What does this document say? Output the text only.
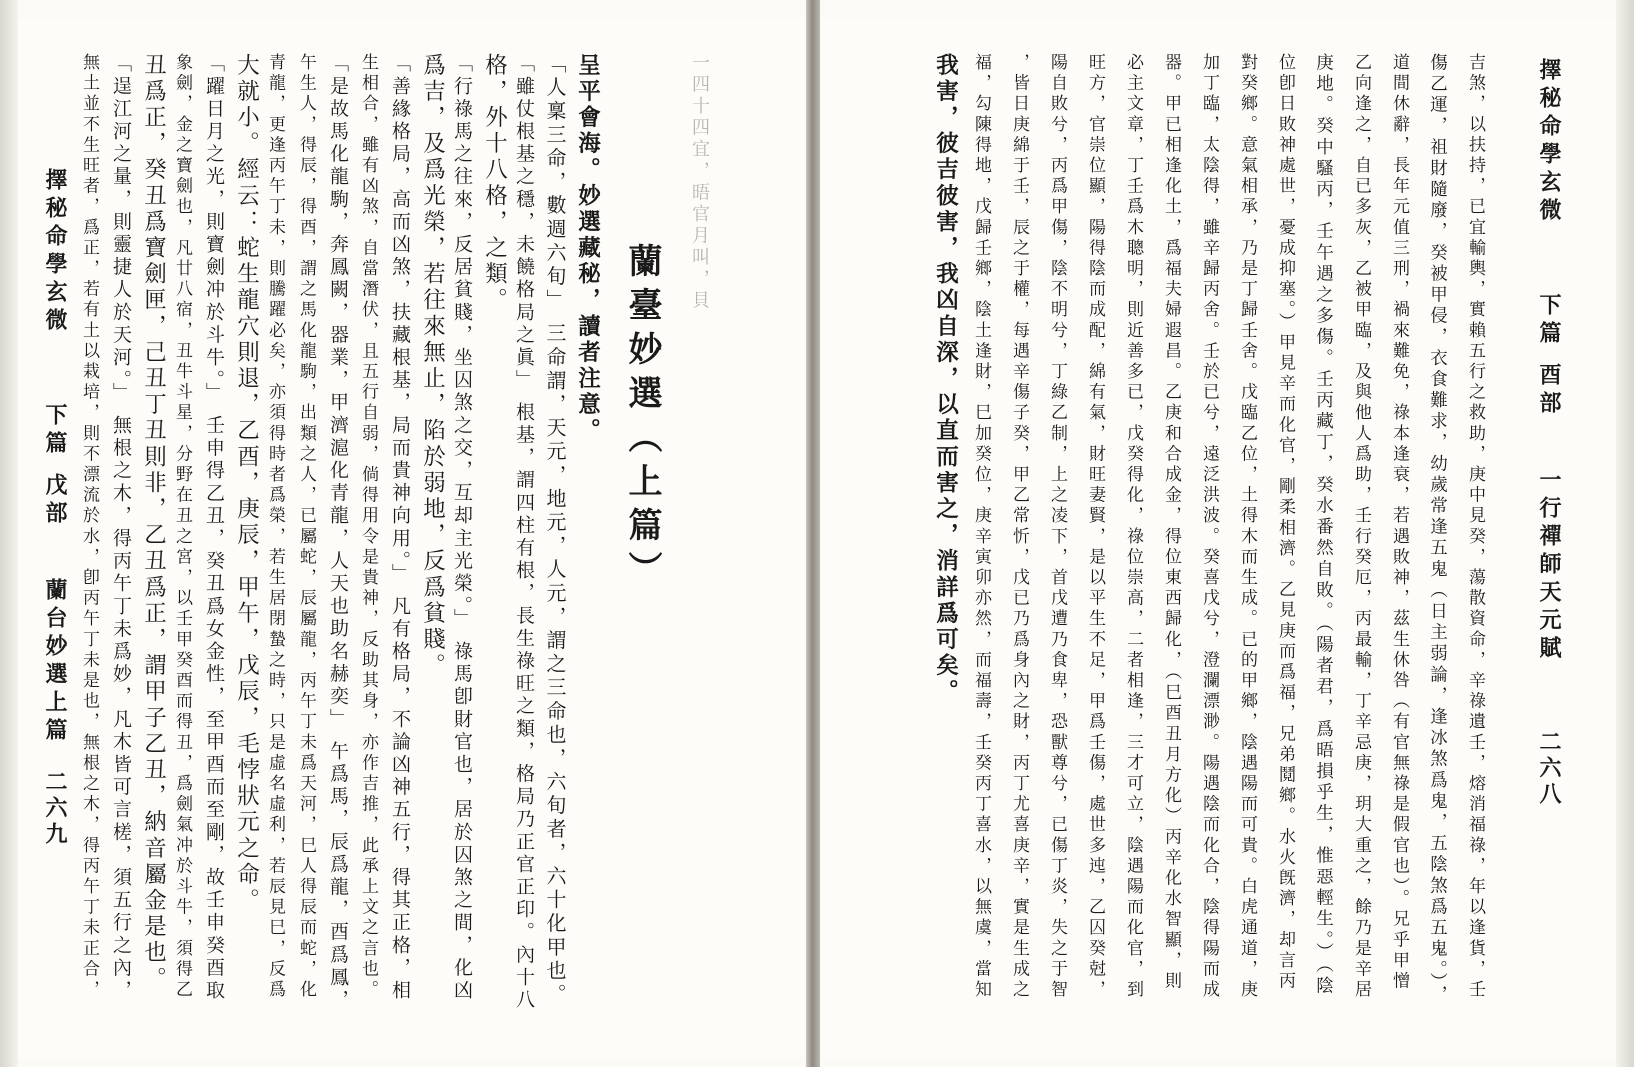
擇秘命學玄微  下篇 戊部  蘭台妙選上篇
二六九 無土並不生旺者，爲正，若有土以栽培，則不漂流於水，卽丙午丁未是也，無根之木，得丙午丁未正合， 「逞江河之量，則靈捷人於天河。」 無根之木，得丙午丁未爲妙，凡木皆可言槎，須五行之內， 丑爲正，癸丑爲寶劍匣，己丑丁丑則非，乙丑爲正，謂甲子乙丑，納音屬金是也。 象劍，金之寶劍也，凡廿八宿，丑牛斗星，分野在丑之宮，以壬甲癸酉而得丑，爲劍氣冲於斗牛，須得乙 「躍日月之光，則寶劍冲於斗牛。」 壬申得乙丑，癸丑爲女金性，至甲酉而至剛，故壬申癸酉取 大就小。經云：蛇生龍穴則退，乙酉，庚辰，甲午，戊辰，毛悖狀元之命。 青龍，更逢丙午丁未，則騰躍必矣，亦須得時者爲榮，若生居閉蟄之時，只是虛名虛利，若辰見巳，反爲 午生人，得辰，得酉，謂之馬化龍駒，出類之人，已屬蛇，辰屬龍，丙午丁未爲天河，巳人得辰而蛇，化 「是故馬化龍駒，奔鳳闕，器業，甲濟滬化青龍，人天也助名赫奕」 午爲馬，辰爲龍，酉爲鳳， 生相合，雖有凶煞，自當潛伏，且五行自弱，倘得用令是貴神，反助其身，亦作吉推，此承上文之言也。 「善緣格局，高而凶煞，扶藏根基，局而貴神向用。」 凡有格局，不論凶神五行，得其正格，相 爲吉，及爲光榮，若往來無止，陷於弱地，反爲貧賤。 「行祿馬之往來，反居貧賤，坐囚煞之交，互却主光榮。」 祿馬卽財官也，居於囚煞之間，化凶 格，外十八格，之類。 「雖仗根基之穩，未饒格局之眞」 根基，謂四柱有根，長生祿旺之類，格局乃正官正印。內十八 「人稟三命，數週六旬」 三命謂，天元，地元，人元，謂之三命也，六旬者，六十化甲也。 呈平會海。妙選藏秘，讀者注意。 蘭臺妙選（上篇）
一四十四宜，晤官月叫，貝	我害，彼吉彼害，我凶自深，以直而害之，消詳爲可矣。 福，勾陳得地，戊歸壬鄉，陰土逢財，巳加癸位，庚辛寅卯亦然，而福壽，壬癸丙丁喜水，以無虞，當知 ，皆日庚綿于壬，辰之于權，每遇辛傷子癸，甲乙常忻，戊已乃爲身內之財，丙丁尤喜庚辛，實是生成之 陽自敗兮，丙爲甲傷，陰不明兮，丁綠乙制，上之凌下，首戊遭乃食卑，恐獸尊兮，已傷丁炎，失之于智 旺方，官崇位顯，陽得陰而成配，綿有氣，財旺妻賢，是以平生不足，甲爲壬傷，處世多迍，乙囚癸尅， 必主文章，丁壬爲木聰明，則近善多已，戊癸得化，祿位崇高，二者相逢，三才可立，陰遇陽而化官，到 器。甲已相逢化土，爲福夫婦遐昌。乙庚和合成金，得位東西歸化，（巳酉丑月方化）丙辛化水智顯，則 加丁臨，太陰得，雖辛歸丙舍。壬於已兮，遠泛洪波。癸喜戊兮，澄瀾漂渺。陽遇陰而化合，陰得陽而成 對癸鄉。意氣相承，乃是丁歸壬舍。戊臨乙位，土得木而生成。已的甲鄉，陰遇陽而可貴。白虎通道，庚 位卽日敗神處世，憂成抑塞。）甲見辛而化官，剛柔相濟。乙見庚而爲福，兄弟鬩鄉。水火旣濟，却言丙 庚地。癸中騷丙，壬午遇之多傷。壬丙藏丁，癸水番然自敗。（陽者君，爲晤損乎生，惟惡輕生。）（陰 乙向逢之，自已多灰，乙被甲臨，及與他人爲助，壬行癸厄，丙最輸，丁辛忌庚，玥大重之，餘乃是辛居 道間休辭，長年元值三刑，禍來難免，祿本逢衰，若遇敗神，茲生休咎（有官無祿是假官也）。兄乎甲憎 傷乙運，祖財隨廢，癸被甲侵，衣食難求，幼歲常逢五鬼（日主弱論，逢冰煞爲鬼，五陰煞爲五鬼。）， 吉煞，以扶持，已宜輸輿，實賴五行之救助，庚中見癸，蕩散資命，辛祿遺壬，熔消福祿，年以逢貨，壬 擇秘命學玄微  下篇 酉部  一行禪師天元賦
二六八
